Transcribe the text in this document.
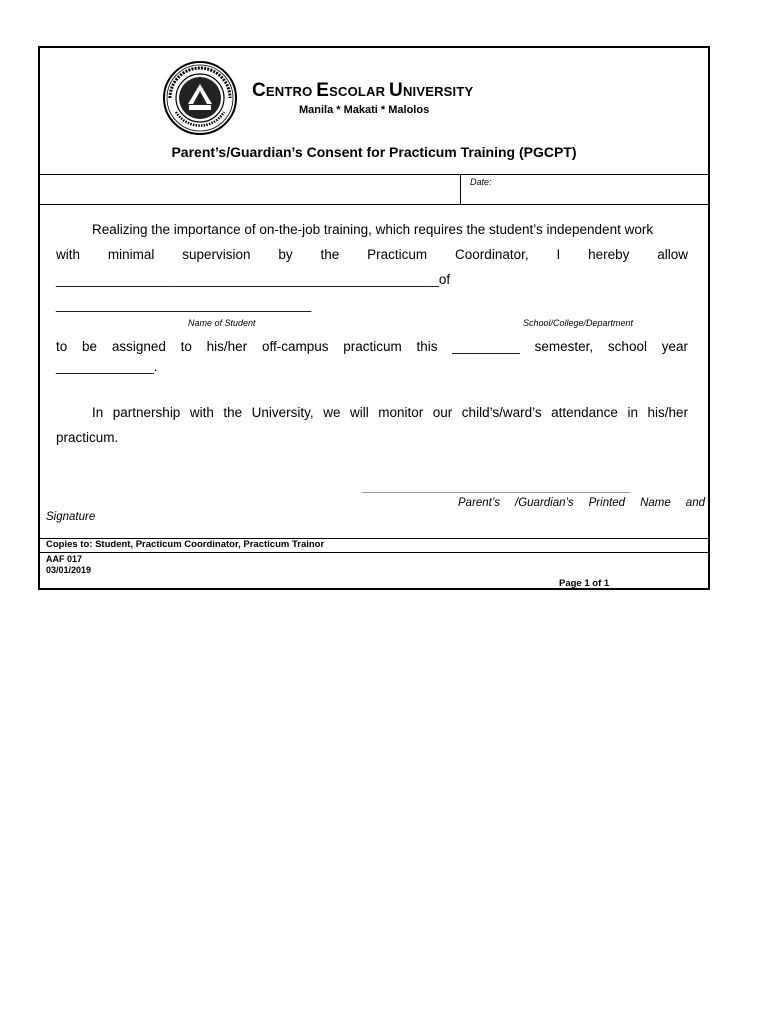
CENTRO ESCOLAR UNIVERSITY
Manila * Makati * Malolos
Parent’s/Guardian’s Consent for Practicum Training (PGCPT)
Date:
Realizing the importance of on-the-job training, which requires the student’s independent work
with minimal supervision by the Practicum Coordinator, I hereby allow
___________________________________________________of
__________________________________
Name of Student	School/College/Department
to be assigned to his/her off-campus practicum this _________ semester, school year
_____________.
In partnership with the University, we will monitor our child’s/ward’s attendance in his/her
practicum.
Parent’s /Guardian’s Printed Name and
Signature
Copies to: Student, Practicum Coordinator, Practicum Trainor
AAF 017
03/01/2019
Page 1 of 1
